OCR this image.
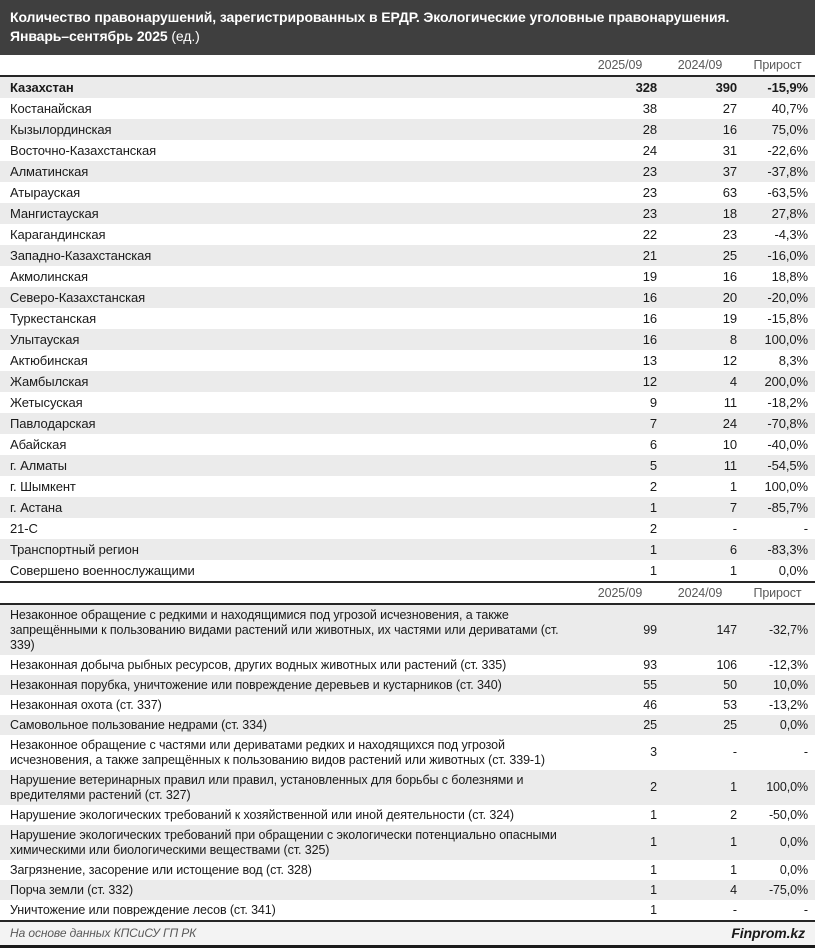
Количество правонарушений, зарегистрированных в ЕРДР. Экологические уголовные правонарушения.
Январь–сентябрь 2025 (ед.)
	2025/09	2024/09	Прирост
Казахстан	328	390	-15,9%
Костанайская	38	27	40,7%
Кызылординская	28	16	75,0%
Восточно-Казахстанская	24	31	-22,6%
Алматинская	23	37	-37,8%
Атырауская	23	63	-63,5%
Мангистауская	23	18	27,8%
Карагандинская	22	23	-4,3%
Западно-Казахстанская	21	25	-16,0%
Акмолинская	19	16	18,8%
Северо-Казахстанская	16	20	-20,0%
Туркестанская	16	19	-15,8%
Улытауская	16	8	100,0%
Актюбинская	13	12	8,3%
Жамбылская	12	4	200,0%
Жетысуская	9	11	-18,2%
Павлодарская	7	24	-70,8%
Абайская	6	10	-40,0%
г. Алматы	5	11	-54,5%
г. Шымкент	2	1	100,0%
г. Астана	1	7	-85,7%
21-С	2	-	-
Транспортный регион	1	6	-83,3%
Совершено военнослужащими	1	1	0,0%
	2025/09	2024/09	Прирост
Незаконное обращение с редкими и находящимися под угрозой исчезновения, а также запрещёнными к пользованию видами растений или животных, их частями или дериватами (ст. 339)	99	147	-32,7%
Незаконная добыча рыбных ресурсов, других водных животных или растений (ст. 335)	93	106	-12,3%
Незаконная порубка, уничтожение или повреждение деревьев и кустарников (ст. 340)	55	50	10,0%
Незаконная охота (ст. 337)	46	53	-13,2%
Самовольное пользование недрами (ст. 334)	25	25	0,0%
Незаконное обращение с частями или дериватами редких и находящихся под угрозой исчезновения, а также запрещённых к пользованию видов растений или животных (ст. 339-1)	3	-	-
Нарушение ветеринарных правил или правил, установленных для борьбы с болезнями и вредителями растений (ст. 327)	2	1	100,0%
Нарушение экологических требований к хозяйственной или иной деятельности (ст. 324)	1	2	-50,0%
Нарушение экологических требований при обращении с экологически потенциально опасными химическими или биологическими веществами (ст. 325)	1	1	0,0%
Загрязнение, засорение или истощение вод (ст. 328)	1	1	0,0%
Порча земли (ст. 332)	1	4	-75,0%
Уничтожение или повреждение лесов (ст. 341)	1	-	-
На основе данных КПСиСУ ГП РК	Finprom.kz
